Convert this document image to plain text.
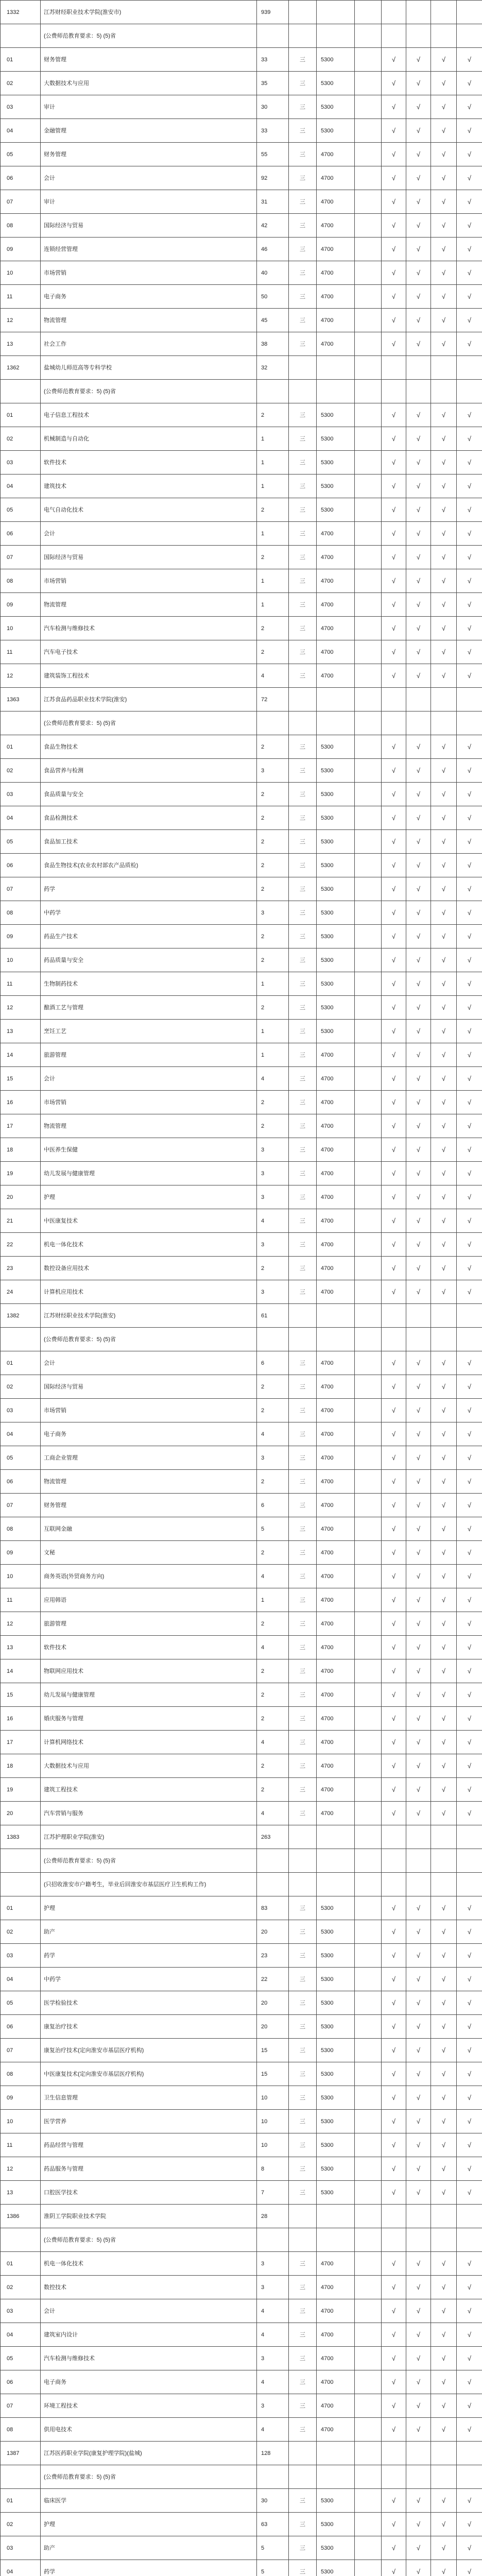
1332	江苏财经职业技术学院(淮安市)	939							
	(公费师范教育要求：5) (5)省								
01	财务管理	33	三	5300		√	√	√	√
02	大数据技术与应用	35	三	5300		√	√	√	√
03	审计	30	三	5300		√	√	√	√
04	金融管理	33	三	5300		√	√	√	√
05	财务管理	55	三	4700		√	√	√	√
06	会计	92	三	4700		√	√	√	√
07	审计	31	三	4700		√	√	√	√
08	国际经济与贸易	42	三	4700		√	√	√	√
09	连锁经营管理	46	三	4700		√	√	√	√
10	市场营销	40	三	4700		√	√	√	√
11	电子商务	50	三	4700		√	√	√	√
12	物流管理	45	三	4700		√	√	√	√
13	社会工作	38	三	4700		√	√	√	√
1362	盐城幼儿师范高等专科学校	32							
	(公费师范教育要求：5) (5)省								
01	电子信息工程技术	2	三	5300		√	√	√	√
02	机械制造与自动化	1	三	5300		√	√	√	√
03	软件技术	1	三	5300		√	√	√	√
04	建筑技术	1	三	5300		√	√	√	√
05	电气自动化技术	2	三	5300		√	√	√	√
06	会计	1	三	4700		√	√	√	√
07	国际经济与贸易	2	三	4700		√	√	√	√
08	市场营销	1	三	4700		√	√	√	√
09	物流管理	1	三	4700		√	√	√	√
10	汽车检测与维修技术	2	三	4700		√	√	√	√
11	汽车电子技术	2	三	4700		√	√	√	√
12	建筑装饰工程技术	4	三	4700		√	√	√	√
1363	江苏食品药品职业技术学院(淮安)	72							
	(公费师范教育要求：5) (5)省								
01	食品生物技术	2	三	5300		√	√	√	√
02	食品营养与检测	3	三	5300		√	√	√	√
03	食品质量与安全	2	三	5300		√	√	√	√
04	食品检测技术	2	三	5300		√	√	√	√
05	食品加工技术	2	三	5300		√	√	√	√
06	食品生物技术(农业农村部农产品质检)	2	三	5300		√	√	√	√
07	药学	2	三	5300		√	√	√	√
08	中药学	3	三	5300		√	√	√	√
09	药品生产技术	2	三	5300		√	√	√	√
10	药品质量与安全	2	三	5300		√	√	√	√
11	生物制药技术	1	三	5300		√	√	√	√
12	酿酒工艺与管理	2	三	5300		√	√	√	√
13	烹饪工艺	1	三	5300		√	√	√	√
14	旅游管理	1	三	4700		√	√	√	√
15	会计	4	三	4700		√	√	√	√
16	市场营销	2	三	4700		√	√	√	√
17	物流管理	2	三	4700		√	√	√	√
18	中医养生保健	3	三	4700		√	√	√	√
19	幼儿发展与健康管理	3	三	4700		√	√	√	√
20	护理	3	三	4700		√	√	√	√
21	中医康复技术	4	三	4700		√	√	√	√
22	机电一体化技术	3	三	4700		√	√	√	√
23	数控设备应用技术	2	三	4700		√	√	√	√
24	计算机应用技术	3	三	4700		√	√	√	√
1382	江苏财经职业技术学院(淮安)	61							
	(公费师范教育要求：5) (5)省								
01	会计	6	三	4700		√	√	√	√
02	国际经济与贸易	2	三	4700		√	√	√	√
03	市场营销	2	三	4700		√	√	√	√
04	电子商务	4	三	4700		√	√	√	√
05	工商企业管理	3	三	4700		√	√	√	√
06	物流管理	2	三	4700		√	√	√	√
07	财务管理	6	三	4700		√	√	√	√
08	互联网金融	5	三	4700		√	√	√	√
09	文秘	2	三	4700		√	√	√	√
10	商务英语(外贸商务方向)	4	三	4700		√	√	√	√
11	应用韩语	1	三	4700		√	√	√	√
12	旅游管理	2	三	4700		√	√	√	√
13	软件技术	4	三	4700		√	√	√	√
14	物联网应用技术	2	三	4700		√	√	√	√
15	幼儿发展与健康管理	2	三	4700		√	√	√	√
16	婚庆服务与管理	2	三	4700		√	√	√	√
17	计算机网络技术	4	三	4700		√	√	√	√
18	大数据技术与应用	2	三	4700		√	√	√	√
19	建筑工程技术	2	三	4700		√	√	√	√
20	汽车营销与服务	4	三	4700		√	√	√	√
1383	江苏护理职业学院(淮安)	263							
	(公费师范教育要求：5) (5)省								
	(只招收淮安市户籍考生，毕业后回淮安市基层医疗卫生机构工作)								
01	护理	83	三	5300		√	√	√	√
02	助产	20	三	5300		√	√	√	√
03	药学	23	三	5300		√	√	√	√
04	中药学	22	三	5300		√	√	√	√
05	医学检验技术	20	三	5300		√	√	√	√
06	康复治疗技术	20	三	5300		√	√	√	√
07	康复治疗技术(定向淮安市基层医疗机构)	15	三	5300		√	√	√	√
08	中医康复技术(定向淮安市基层医疗机构)	15	三	5300		√	√	√	√
09	卫生信息管理	10	三	5300		√	√	√	√
10	医学营养	10	三	5300		√	√	√	√
11	药品经营与管理	10	三	5300		√	√	√	√
12	药品服务与管理	8	三	5300		√	√	√	√
13	口腔医学技术	7	三	5300		√	√	√	√
1386	淮阴工学院职业技术学院	28							
	(公费师范教育要求：5) (5)省								
01	机电一体化技术	3	三	4700		√	√	√	√
02	数控技术	3	三	4700		√	√	√	√
03	会计	4	三	4700		√	√	√	√
04	建筑室内设计	4	三	4700		√	√	√	√
05	汽车检测与维修技术	3	三	4700		√	√	√	√
06	电子商务	4	三	4700		√	√	√	√
07	环境工程技术	3	三	4700		√	√	√	√
08	供用电技术	4	三	4700		√	√	√	√
1387	江苏医药职业学院(康复护理学院)(盐城)	128							
	(公费师范教育要求：5) (5)省								
01	临床医学	30	三	5300		√	√	√	√
02	护理	63	三	5300		√	√	√	√
03	助产	5	三	5300		√	√	√	√
04	药学	5	三	5300		√	√	√	√
